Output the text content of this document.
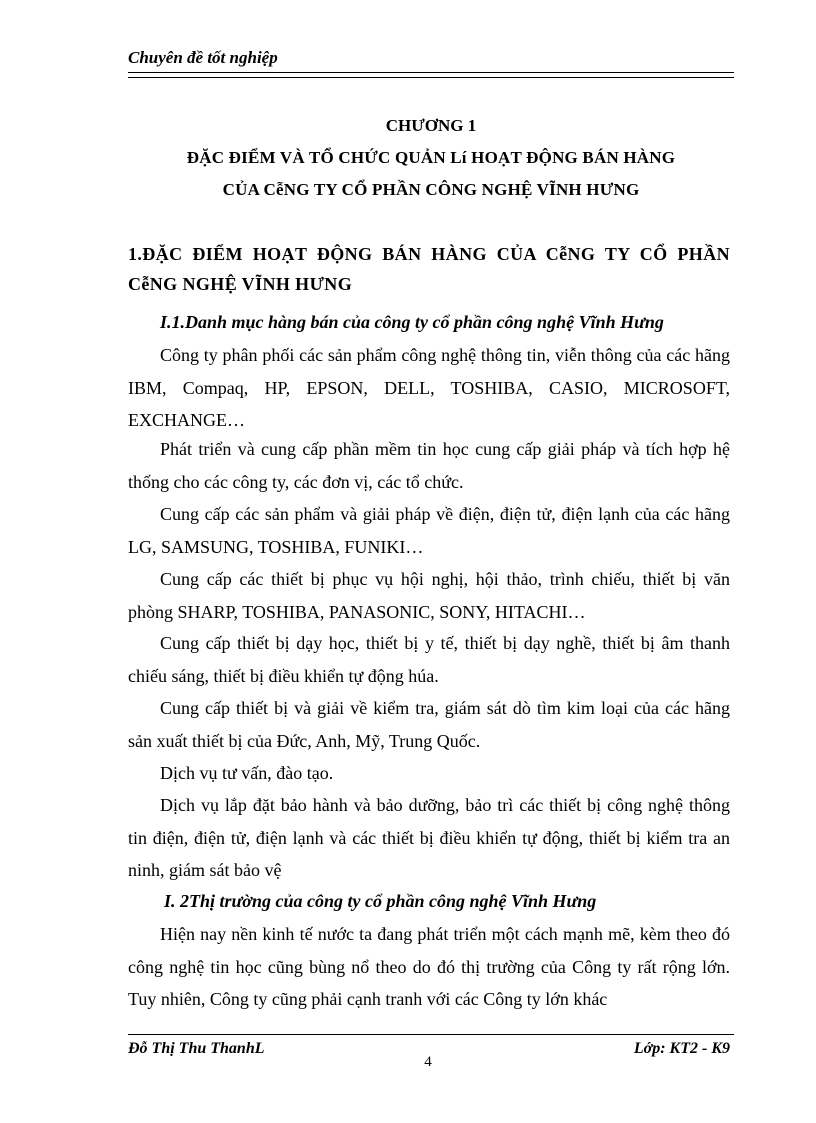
Chuyên đề tốt nghiệp
CHƯƠNG 1
ĐẶC ĐIỂM VÀ TỔ CHỨC QUẢN Lí HOẠT ĐỘNG BÁN HÀNG
CỦA CễNG TY CỔ PHẦN CÔNG NGHỆ VĨNH HƯNG
1.ĐẶC ĐIỂM HOẠT ĐỘNG BÁN HÀNG CỦA CễNG TY CỔ PHẦN CễNG NGHỆ VĨNH HƯNG
I.1.Danh mục hàng bán của công ty cổ phần công nghệ Vĩnh Hưng
Công ty phân phối các sản phẩm công nghệ thông tin, viễn thông của các hãng IBM, Compaq, HP, EPSON, DELL, TOSHIBA, CASIO, MICROSOFT, EXCHANGE…
Phát triển và cung cấp phần mềm tin học cung cấp giải pháp và tích hợp hệ thống cho các công ty, các đơn vị, các tổ chức.
Cung cấp các sản phẩm và giải pháp về điện, điện tử, điện lạnh của các hãng LG, SAMSUNG, TOSHIBA, FUNIKI…
Cung cấp các thiết bị phục vụ hội nghị, hội thảo, trình chiếu, thiết bị văn phòng SHARP, TOSHIBA, PANASONIC, SONY, HITACHI…
Cung cấp thiết bị dạy học, thiết bị y tế, thiết bị dạy nghề, thiết bị âm thanh chiếu sáng, thiết bị điều khiển tự động húa.
Cung cấp thiết bị và giải về kiểm tra, giám sát dò tìm kim loại của các hãng sản xuất thiết bị của Đức, Anh, Mỹ, Trung Quốc.
Dịch vụ tư vấn, đào tạo.
Dịch vụ lắp đặt bảo hành và bảo dưỡng, bảo trì các thiết bị công nghệ thông tin điện, điện tử, điện lạnh và các thiết bị điều khiển tự động, thiết bị kiểm tra an ninh, giám sát bảo vệ
I. 2Thị trường của công ty cổ phần công nghệ Vĩnh Hưng
Hiện nay nền kinh tế nước ta đang phát triển một cách mạnh mẽ, kèm theo đó công nghệ tin học cũng bùng nổ theo do đó thị trường của Công ty rất rộng lớn. Tuy nhiên, Công ty cũng phải cạnh tranh với các Công ty lớn khác
Đỗ Thị Thu ThanhL	Lớp: KT2 - K9
4
